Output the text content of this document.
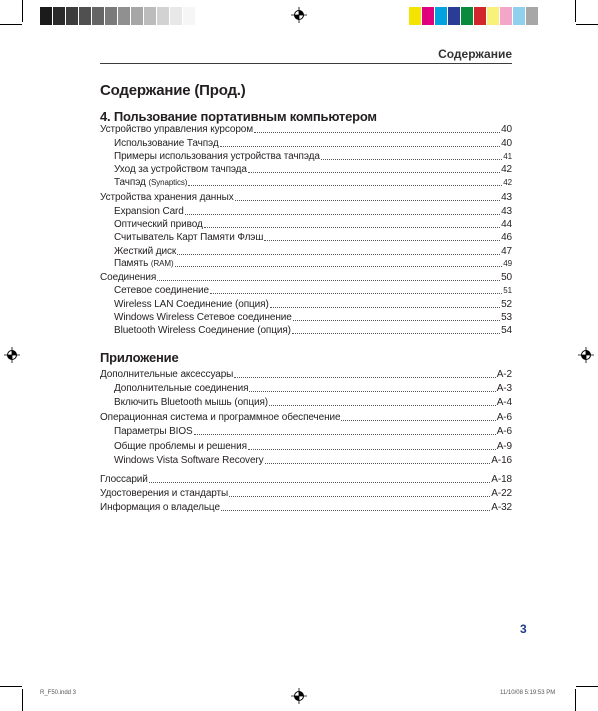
Содержание
Содержание (Прод.)
4. Пользование портативным компьютером
Устройство управления курсором	40
Использование Тачпэд	40
Примеры использования устройства тачпэда	41
Уход за устройством тачпэда	42
Тачпэд (Synaptics)	42
Устройства хранения данных	43
Expansion Card	43
Оптический привод	44
Считыватель Карт Памяти Флэш	46
Жесткий диск	47
Память (RAM)	49
Соединения	50
Сетевое соединение	51
Wireless LAN Соединение (опция)	52
Windows Wireless Сетевое соединение	53
Bluetooth Wireless Соединение (опция)	54
Приложение
Дополнительные аксессуары	A-2
Дополнительные соединения	A-3
Включить Bluetooth мышь (опция)	A-4
Операционная система и программное обеспечение	A-6
Параметры BIOS	A-6
Общие проблемы и решения	A-9
Windows Vista Software Recovery	A-16
Глоссарий	A-18
Удостоверения и стандарты	A-22
Информация о владельце	A-32
3
R_F50.indd 3	11/10/08 5:19:53 PM
